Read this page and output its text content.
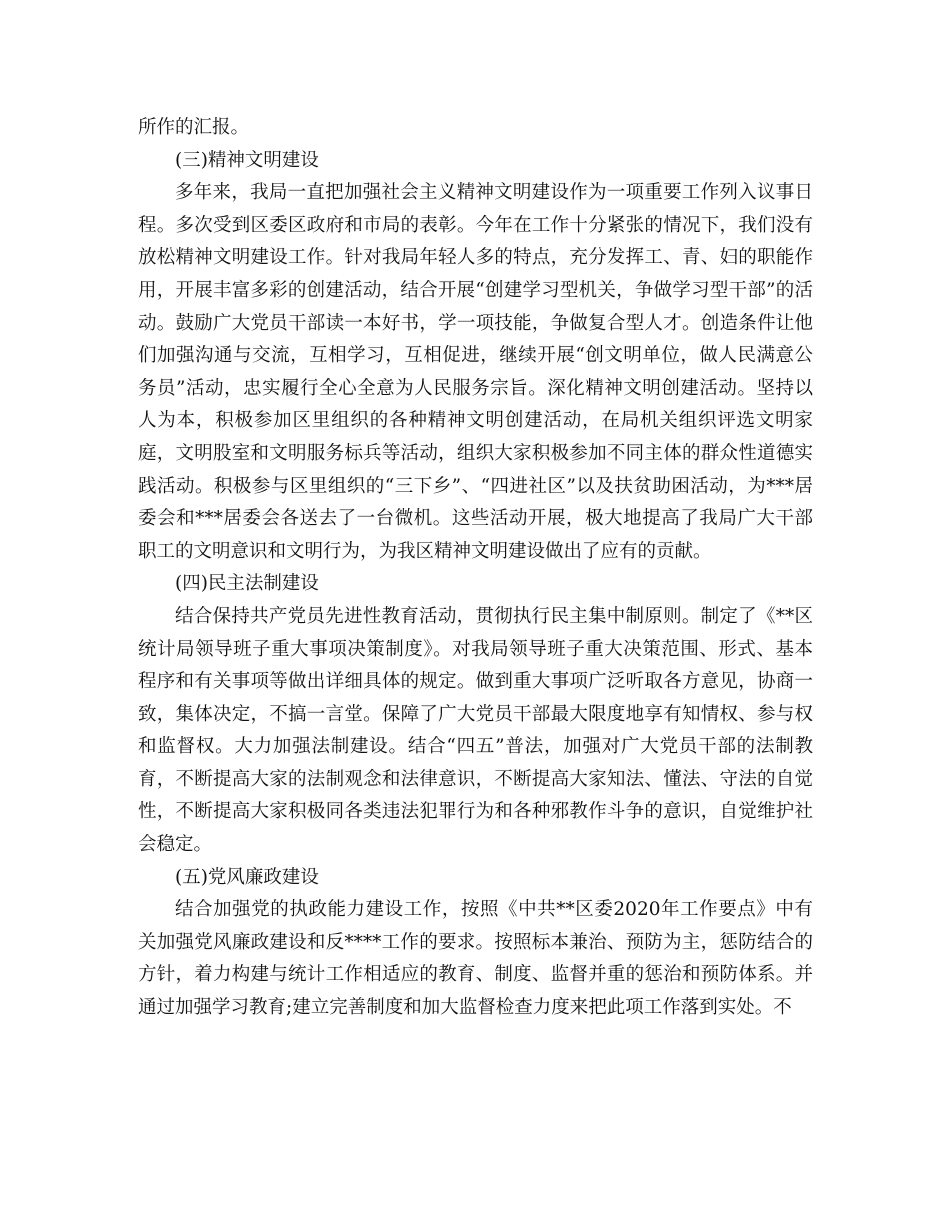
所作的汇报。

(三)精神文明建设

多年来，我局一直把加强社会主义精神文明建设作为一项重要工作列入议事日程。多次受到区委区政府和市局的表彰。今年在工作十分紧张的情况下，我们没有放松精神文明建设工作。针对我局年轻人多的特点，充分发挥工、青、妇的职能作用，开展丰富多彩的创建活动，结合开展“创建学习型机关，争做学习型干部”的活动。鼓励广大党员干部读一本好书，学一项技能，争做复合型人才。创造条件让他们加强沟通与交流，互相学习，互相促进，继续开展“创文明单位，做人民满意公务员”活动，忠实履行全心全意为人民服务宗旨。深化精神文明创建活动。坚持以人为本，积极参加区里组织的各种精神文明创建活动，在局机关组织评选文明家庭，文明股室和文明服务标兵等活动，组织大家积极参加不同主体的群众性道德实践活动。积极参与区里组织的“三下乡”、“四进社区”以及扶贫助困活动，为***居委会和***居委会各送去了一台微机。这些活动开展，极大地提高了我局广大干部职工的文明意识和文明行为，为我区精神文明建设做出了应有的贡献。

(四)民主法制建设

结合保持共产党员先进性教育活动，贯彻执行民主集中制原则。制定了《**区统计局领导班子重大事项决策制度》。对我局领导班子重大决策范围、形式、基本程序和有关事项等做出详细具体的规定。做到重大事项广泛听取各方意见，协商一致，集体决定，不搞一言堂。保障了广大党员干部最大限度地享有知情权、参与权和监督权。大力加强法制建设。结合“四五”普法，加强对广大党员干部的法制教育，不断提高大家的法制观念和法律意识，不断提高大家知法、懂法、守法的自觉性，不断提高大家积极同各类违法犯罪行为和各种邪教作斗争的意识，自觉维护社会稳定。

(五)党风廉政建设

结合加强党的执政能力建设工作，按照《中共**区委2020年工作要点》中有关加强党风廉政建设和反****工作的要求。按照标本兼治、预防为主，惩防结合的方针，着力构建与统计工作相适应的教育、制度、监督并重的惩治和预防体系。并通过加强学习教育;建立完善制度和加大监督检查力度来把此项工作落到实处。不
